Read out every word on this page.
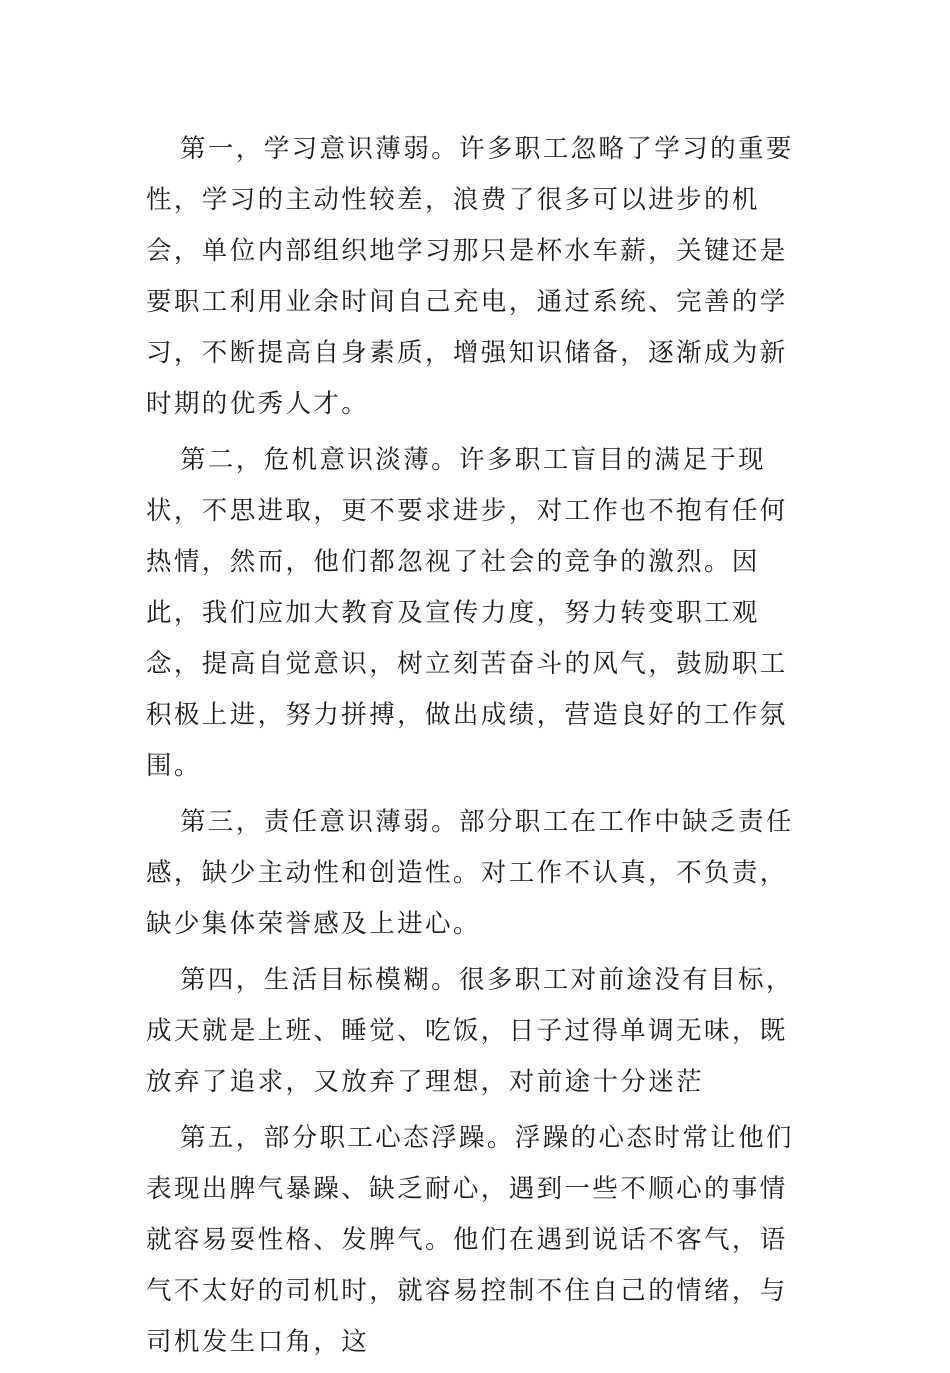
第一，学习意识薄弱。许多职工忽略了学习的重要性，学习的主动性较差，浪费了很多可以进步的机会，单位内部组织地学习那只是杯水车薪，关键还是要职工利用业余时间自己充电，通过系统、完善的学习，不断提高自身素质，增强知识储备，逐渐成为新时期的优秀人才。

第二，危机意识淡薄。许多职工盲目的满足于现状，不思进取，更不要求进步，对工作也不抱有任何热情，然而，他们都忽视了社会的竞争的激烈。因此，我们应加大教育及宣传力度，努力转变职工观念，提高自觉意识，树立刻苦奋斗的风气，鼓励职工积极上进，努力拼搏，做出成绩，营造良好的工作氛围。

第三，责任意识薄弱。部分职工在工作中缺乏责任感，缺少主动性和创造性。对工作不认真，不负责，缺少集体荣誉感及上进心。

第四，生活目标模糊。很多职工对前途没有目标，成天就是上班、睡觉、吃饭，日子过得单调无味，既放弃了追求，又放弃了理想，对前途十分迷茫

第五，部分职工心态浮躁。浮躁的心态时常让他们表现出脾气暴躁、缺乏耐心，遇到一些不顺心的事情就容易耍性格、发脾气。他们在遇到说话不客气，语气不太好的司机时，就容易控制不住自己的情绪，与司机发生口角，这
